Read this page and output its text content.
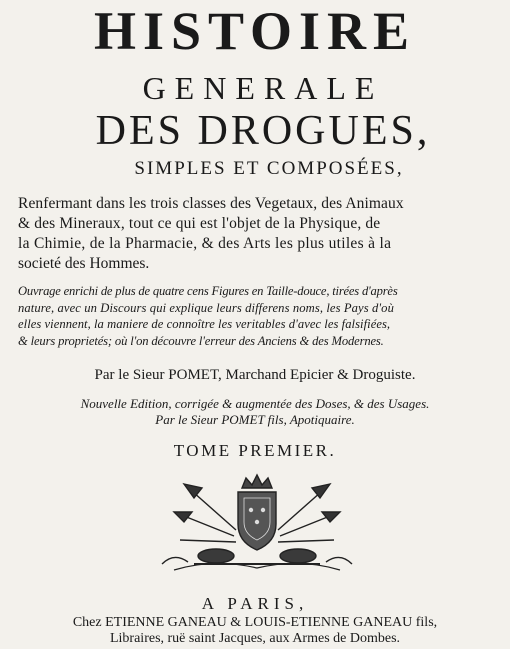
HISTOIRE
GENERALE
DES DROGUES,
SIMPLES ET COMPOSÉES,
Renfermant dans les trois classes des Vegetaux, des Animaux
& des Mineraux, tout ce qui est l'objet de la Physique, de
la Chimie, de la Pharmacie, & des Arts les plus utiles à la
societé des Hommes.
Ouvrage enrichi de plus de quatre cens Figures en Taille-douce, tirées d'après
nature, avec un Discours qui explique leurs differens noms, les Pays d'où
elles viennent, la maniere de connoître les veritables d'avec les falsifiées,
& leurs proprietés; où l'on découvre l'erreur des Anciens & des Modernes.
Par le Sieur POMET, Marchand Epicier & Droguiste.
Nouvelle Edition, corrigée & augmentée des Doses, & des Usages.
Par le Sieur POMET fils, Apotiquaire.
TOME PREMIER.
A PARIS,
Chez ETIENNE GANEAU & LOUIS-ETIENNE GANEAU fils,
Libraires, ruë saint Jacques, aux Armes de Dombes.
